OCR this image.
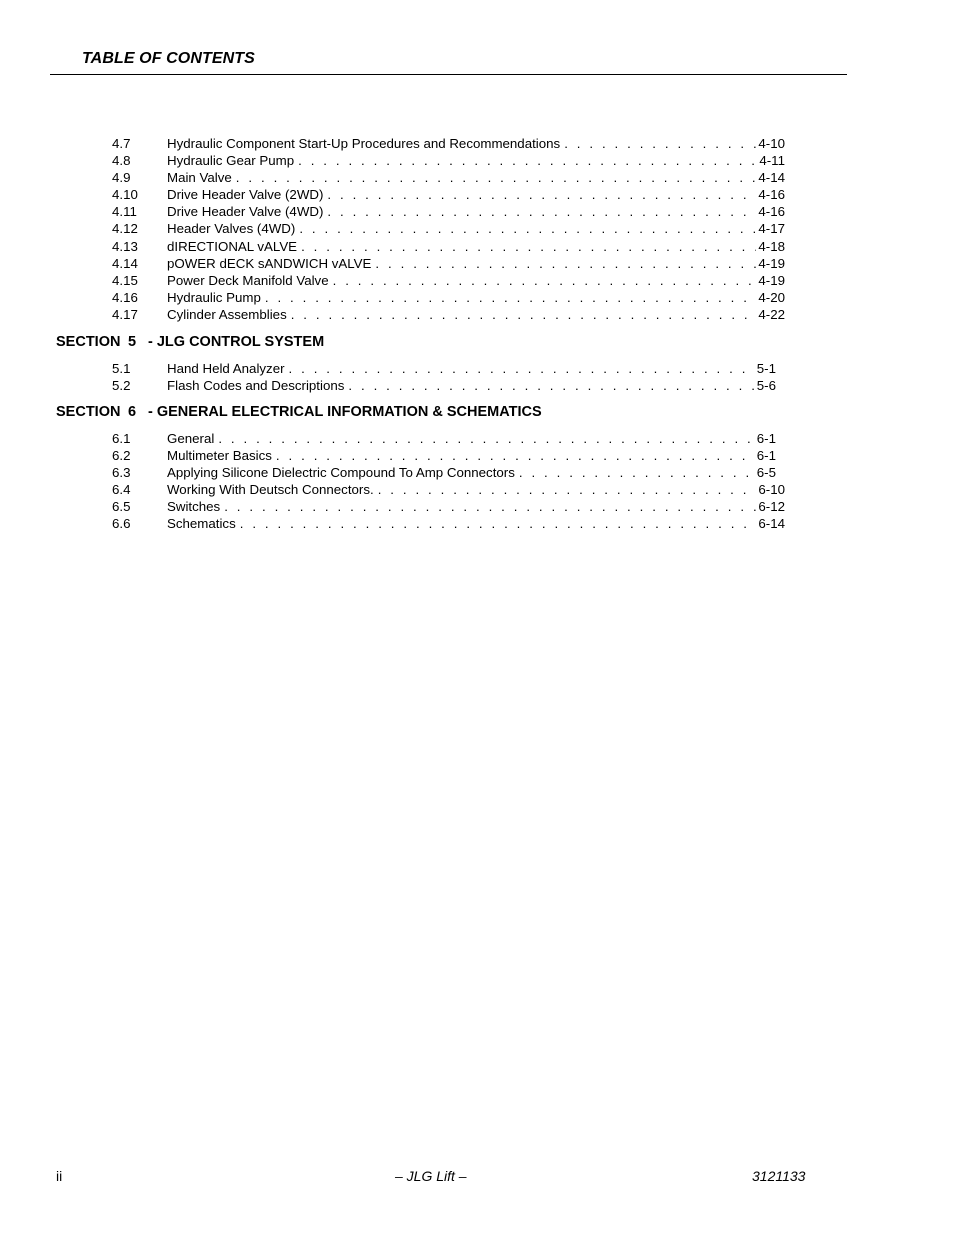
TABLE OF CONTENTS
4.7	Hydraulic Component Start-Up Procedures and Recommendations . . .	4-10
4.8	Hydraulic Gear Pump . . .	4-11
4.9	Main Valve . . .	4-14
4.10	Drive Header Valve (2WD) . . .	4-16
4.11	Drive Header Valve (4WD) . . .	4-16
4.12	Header Valves (4WD) . . .	4-17
4.13	dIRECTIONAL vALVE . . .	4-18
4.14	pOWER dECK sANDWICH vALVE . . .	4-19
4.15	Power Deck Manifold Valve . . .	4-19
4.16	Hydraulic Pump . . .	4-20
4.17	Cylinder Assemblies . . .	4-22
SECTION 5 - JLG CONTROL SYSTEM
5.1	Hand Held Analyzer . . .	5-1
5.2	Flash Codes and Descriptions . . .	5-6
SECTION 6 - GENERAL ELECTRICAL INFORMATION & SCHEMATICS
6.1	General . . .	6-1
6.2	Multimeter Basics . . .	6-1
6.3	Applying Silicone Dielectric Compound To Amp Connectors . . .	6-5
6.4	Working With Deutsch Connectors. . . .	6-10
6.5	Switches . . .	6-12
6.6	Schematics . . .	6-14
ii	– JLG Lift –	3121133
